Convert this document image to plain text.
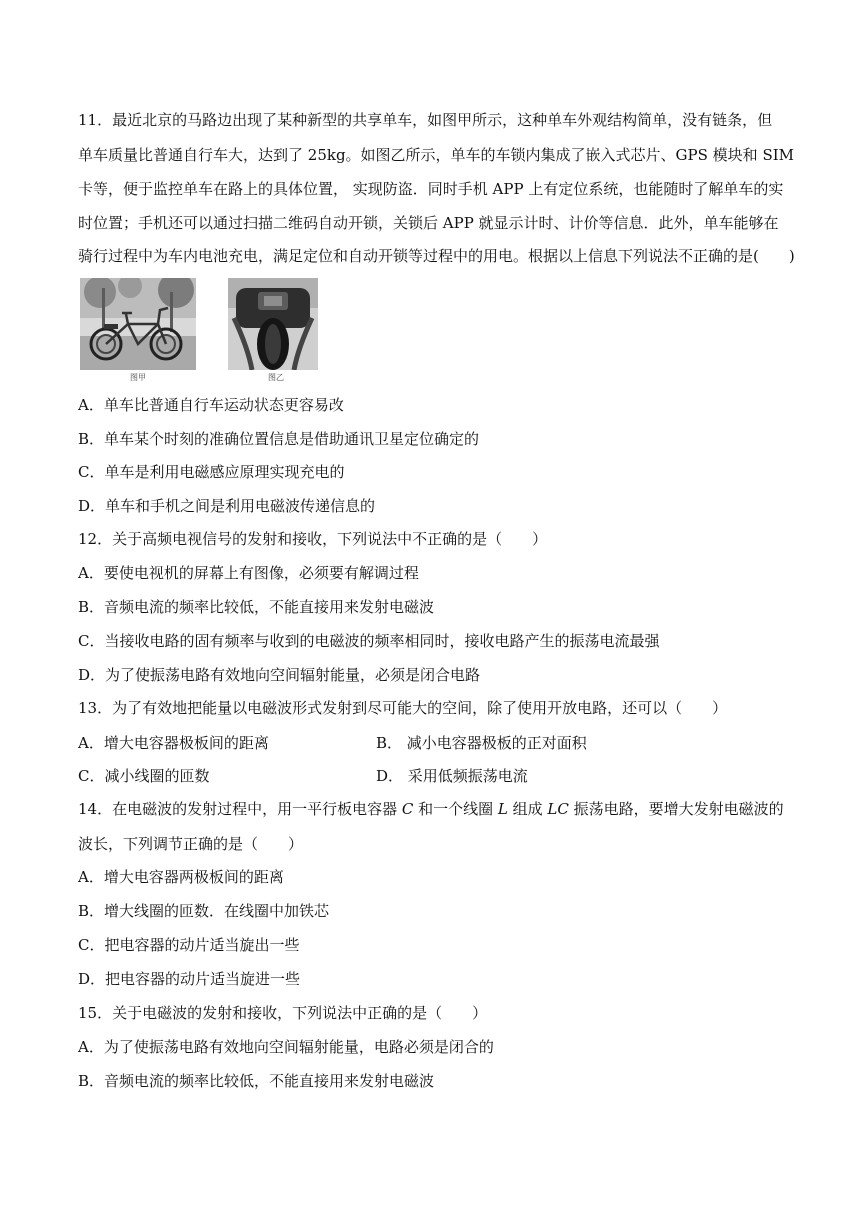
11．最近北京的马路边出现了某种新型的共享单车，如图甲所示，这种单车外观结构简单，没有链条，但
单车质量比普通自行车大，达到了 25kg。如图乙所示，单车的车锁内集成了嵌入式芯片、GPS 模块和 SIM
卡等，便于监控单车在路上的具体位置， 实现防盗．同时手机 APP 上有定位系统，也能随时了解单车的实
时位置；手机还可以通过扫描二维码自动开锁，关锁后 APP 就显示计时、计价等信息．此外，单车能够在
骑行过程中为车内电池充电，满足定位和自动开锁等过程中的用电。根据以上信息下列说法不正确的是(　　)
图甲	图乙
A．单车比普通自行车运动状态更容易改
B．单车某个时刻的准确位置信息是借助通讯卫星定位确定的
C．单车是利用电磁感应原理实现充电的
D．单车和手机之间是利用电磁波传递信息的
12．关于高频电视信号的发射和接收，下列说法中不正确的是（　　）
A．要使电视机的屏幕上有图像，必须要有解调过程
B．音频电流的频率比较低，不能直接用来发射电磁波
C．当接收电路的固有频率与收到的电磁波的频率相同时，接收电路产生的振荡电流最强
D．为了使振荡电路有效地向空间辐射能量，必须是闭合电路
13．为了有效地把能量以电磁波形式发射到尽可能大的空间，除了使用开放电路，还可以（　　）
A．增大电容器极板间的距离	B． 减小电容器极板的正对面积
C．减小线圈的匝数	D． 采用低频振荡电流
14．在电磁波的发射过程中，用一平行板电容器 C 和一个线圈 L 组成 LC 振荡电路，要增大发射电磁波的
波长，下列调节正确的是（　　）
A．增大电容器两极板间的距离
B．增大线圈的匝数．在线圈中加铁芯
C．把电容器的动片适当旋出一些
D．把电容器的动片适当旋进一些
15．关于电磁波的发射和接收，下列说法中正确的是（　　）
A．为了使振荡电路有效地向空间辐射能量，电路必须是闭合的
B．音频电流的频率比较低，不能直接用来发射电磁波
